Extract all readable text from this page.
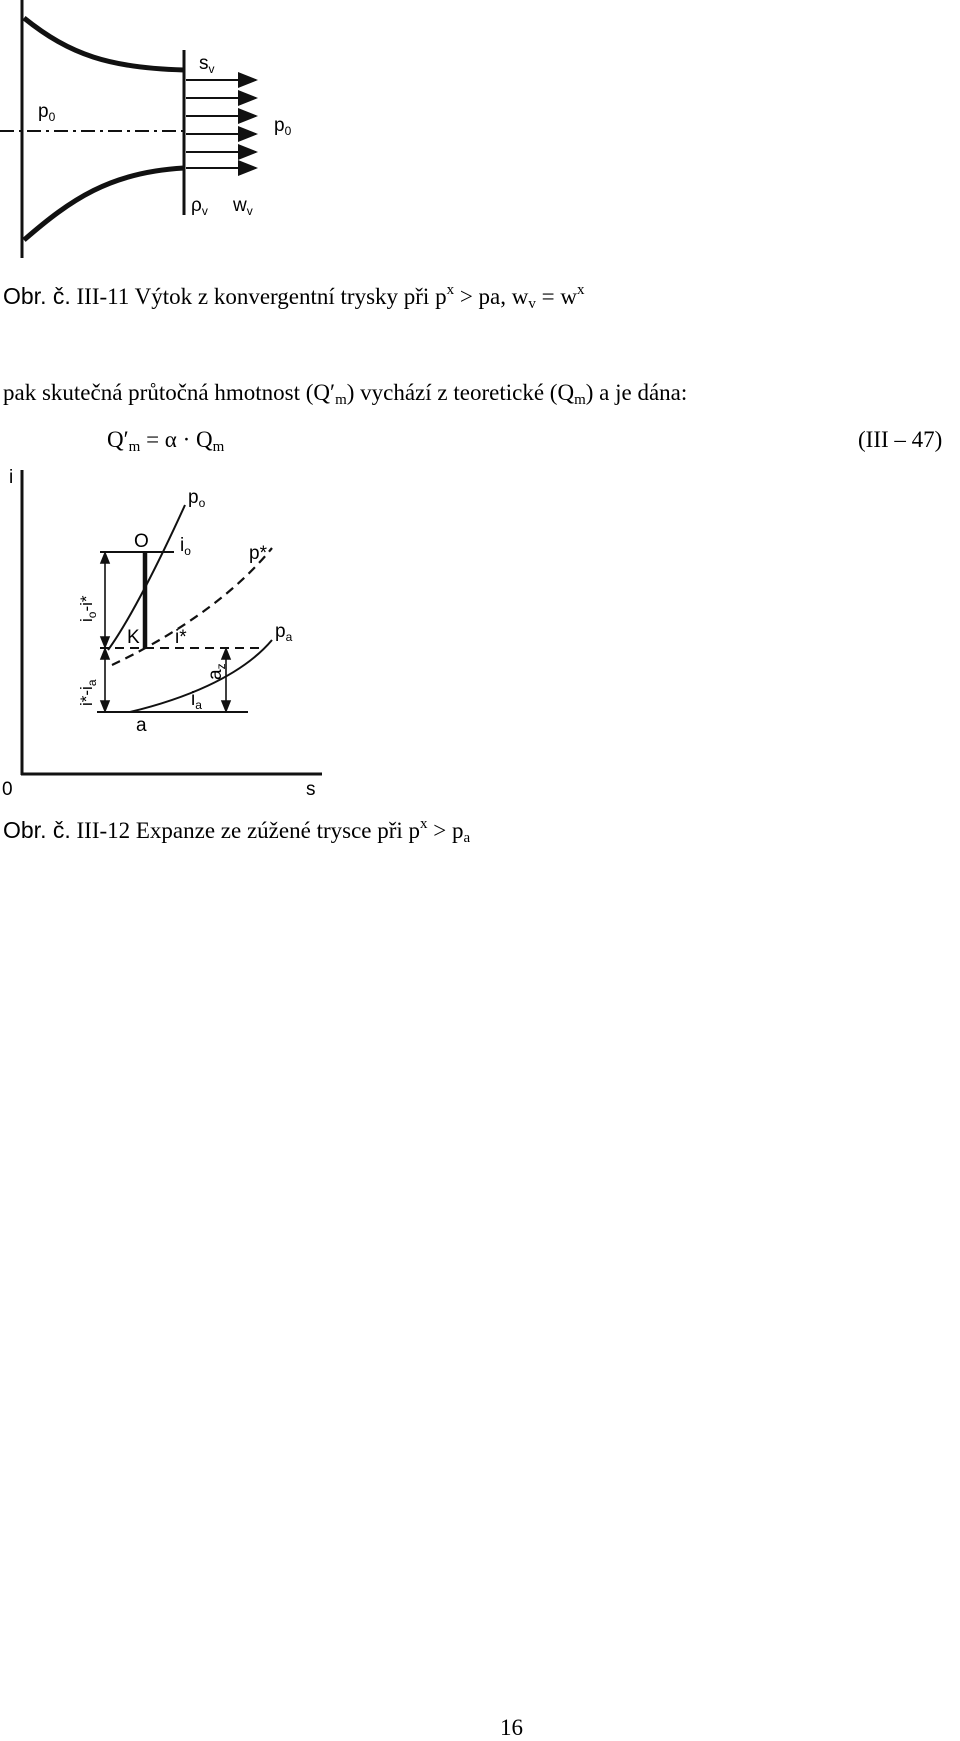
$s_v$
$p_0$	$p_0$
$\rho_v$ $w_v$
Obr. č. III-11 Výtok z konvergentní trysky při $p^x$ > pa, $w_v = w^x$
pak skutečná průtočná hmotnost $(Q'_m)$ vychází z teoretické $(Q_m)$ a je dána:
$Q'_m = \alpha \cdot Q_m$	(III – 47)
i
s
0
$p_o$
O $i_o$	p*
K i*	$p_a$
a
$i_a$
$a_z$
$i_o-i*$
$i*-i_a$
Obr. č. III-12 Expanze ze zúžené trysce při $p^x > p_a$
16
